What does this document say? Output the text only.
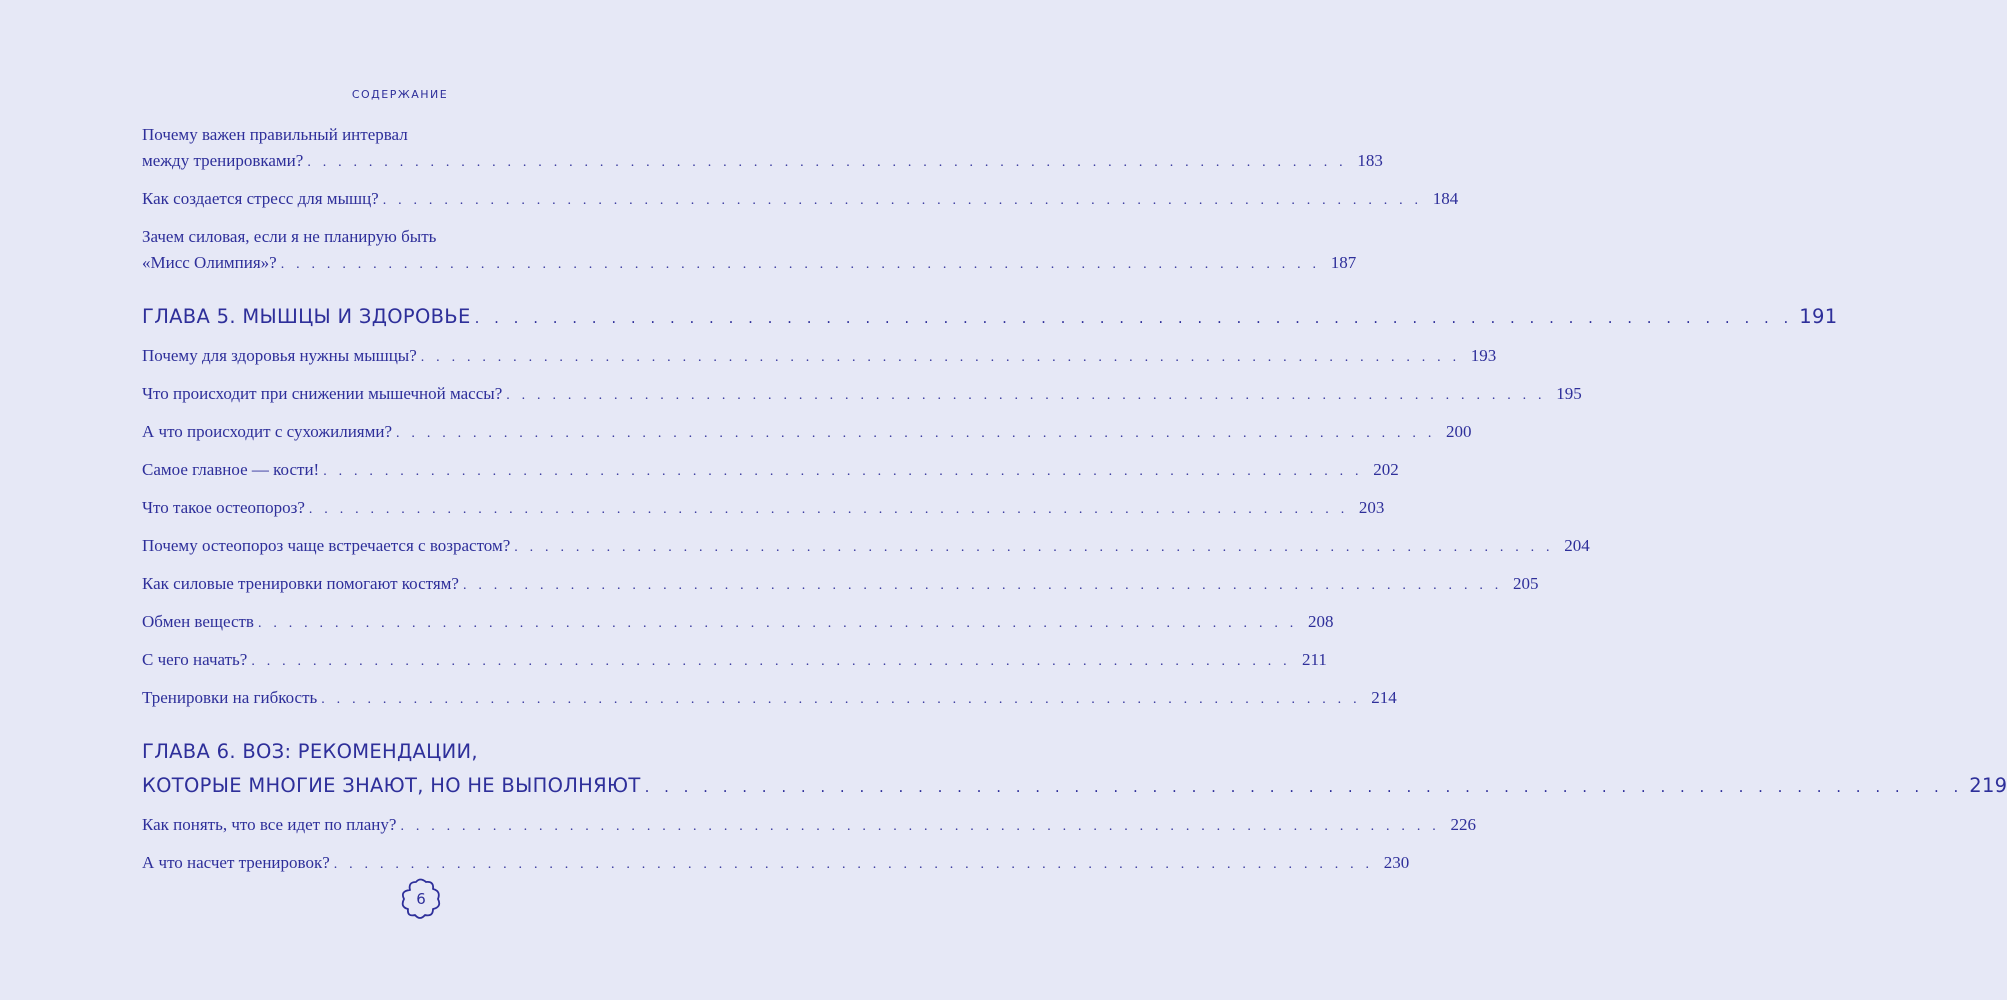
СОДЕРЖАНИЕ
Почему важен правильный интервал
между тренировками? . . . . . . . . . . . . . . . . . . . . . . . . . . . . . . . . . . . . . . . . . . . . . . . . . . . . . . . . . . . . . . . . . . . . 183
Как создается стресс для мышц? . . . . . . . . . . . . . . . . . . . . . . . . . . . . . . . . . . . . . . . . . . . . . . . . . . . . . . . . . . . . . . . . . . . . 184
Зачем силовая, если я не планирую быть
«Мисс Олимпия»? . . . . . . . . . . . . . . . . . . . . . . . . . . . . . . . . . . . . . . . . . . . . . . . . . . . . . . . . . . . . . . . . . . . . 187
ГЛАВА 5. МЫШЦЫ И ЗДОРОВЬЕ . . . . . . . . . . . . . . . . . . . . . . . . . . . . . . . . . . . . . . . . . . . . . . . . . . . . . . . . . . . . . . . . . . . . 191
Почему для здоровья нужны мышцы? . . . . . . . . . . . . . . . . . . . . . . . . . . . . . . . . . . . . . . . . . . . . . . . . . . . . . . . . . . . . . . . . . . . . 193
Что происходит при снижении мышечной массы? . . . . . . . . . . . . . . . . . . . . . . . . . . . . . . . . . . . . . . . . . . . . . . . . . . . . . . . . . . . . . . . . . . . . 195
А что происходит с сухожилиями? . . . . . . . . . . . . . . . . . . . . . . . . . . . . . . . . . . . . . . . . . . . . . . . . . . . . . . . . . . . . . . . . . . . . 200
Самое главное — кости! . . . . . . . . . . . . . . . . . . . . . . . . . . . . . . . . . . . . . . . . . . . . . . . . . . . . . . . . . . . . . . . . . . . . 202
Что такое остеопороз? . . . . . . . . . . . . . . . . . . . . . . . . . . . . . . . . . . . . . . . . . . . . . . . . . . . . . . . . . . . . . . . . . . . . 203
Почему остеопороз чаще встречается с возрастом? . . . . . . . . . . . . . . . . . . . . . . . . . . . . . . . . . . . . . . . . . . . . . . . . . . . . . . . . . . . . . . . . . . . . 204
Как силовые тренировки помогают костям? . . . . . . . . . . . . . . . . . . . . . . . . . . . . . . . . . . . . . . . . . . . . . . . . . . . . . . . . . . . . . . . . . . . . 205
Обмен веществ . . . . . . . . . . . . . . . . . . . . . . . . . . . . . . . . . . . . . . . . . . . . . . . . . . . . . . . . . . . . . . . . . . . . 208
С чего начать? . . . . . . . . . . . . . . . . . . . . . . . . . . . . . . . . . . . . . . . . . . . . . . . . . . . . . . . . . . . . . . . . . . . . 211
Тренировки на гибкость . . . . . . . . . . . . . . . . . . . . . . . . . . . . . . . . . . . . . . . . . . . . . . . . . . . . . . . . . . . . . . . . . . . . 214
ГЛАВА 6. ВОЗ: РЕКОМЕНДАЦИИ,
КОТОРЫЕ МНОГИЕ ЗНАЮТ, НО НЕ ВЫПОЛНЯЮТ . . . . . . . . . . . . . . . . . . . . . . . . . . . . . . . . . . . . . . . . . . . . . . . . . . . . . . . . . . . . . . . . . . . . 219
Как понять, что все идет по плану? . . . . . . . . . . . . . . . . . . . . . . . . . . . . . . . . . . . . . . . . . . . . . . . . . . . . . . . . . . . . . . . . . . . . 226
А что насчет тренировок? . . . . . . . . . . . . . . . . . . . . . . . . . . . . . . . . . . . . . . . . . . . . . . . . . . . . . . . . . . . . . . . . . . . . 230
6
